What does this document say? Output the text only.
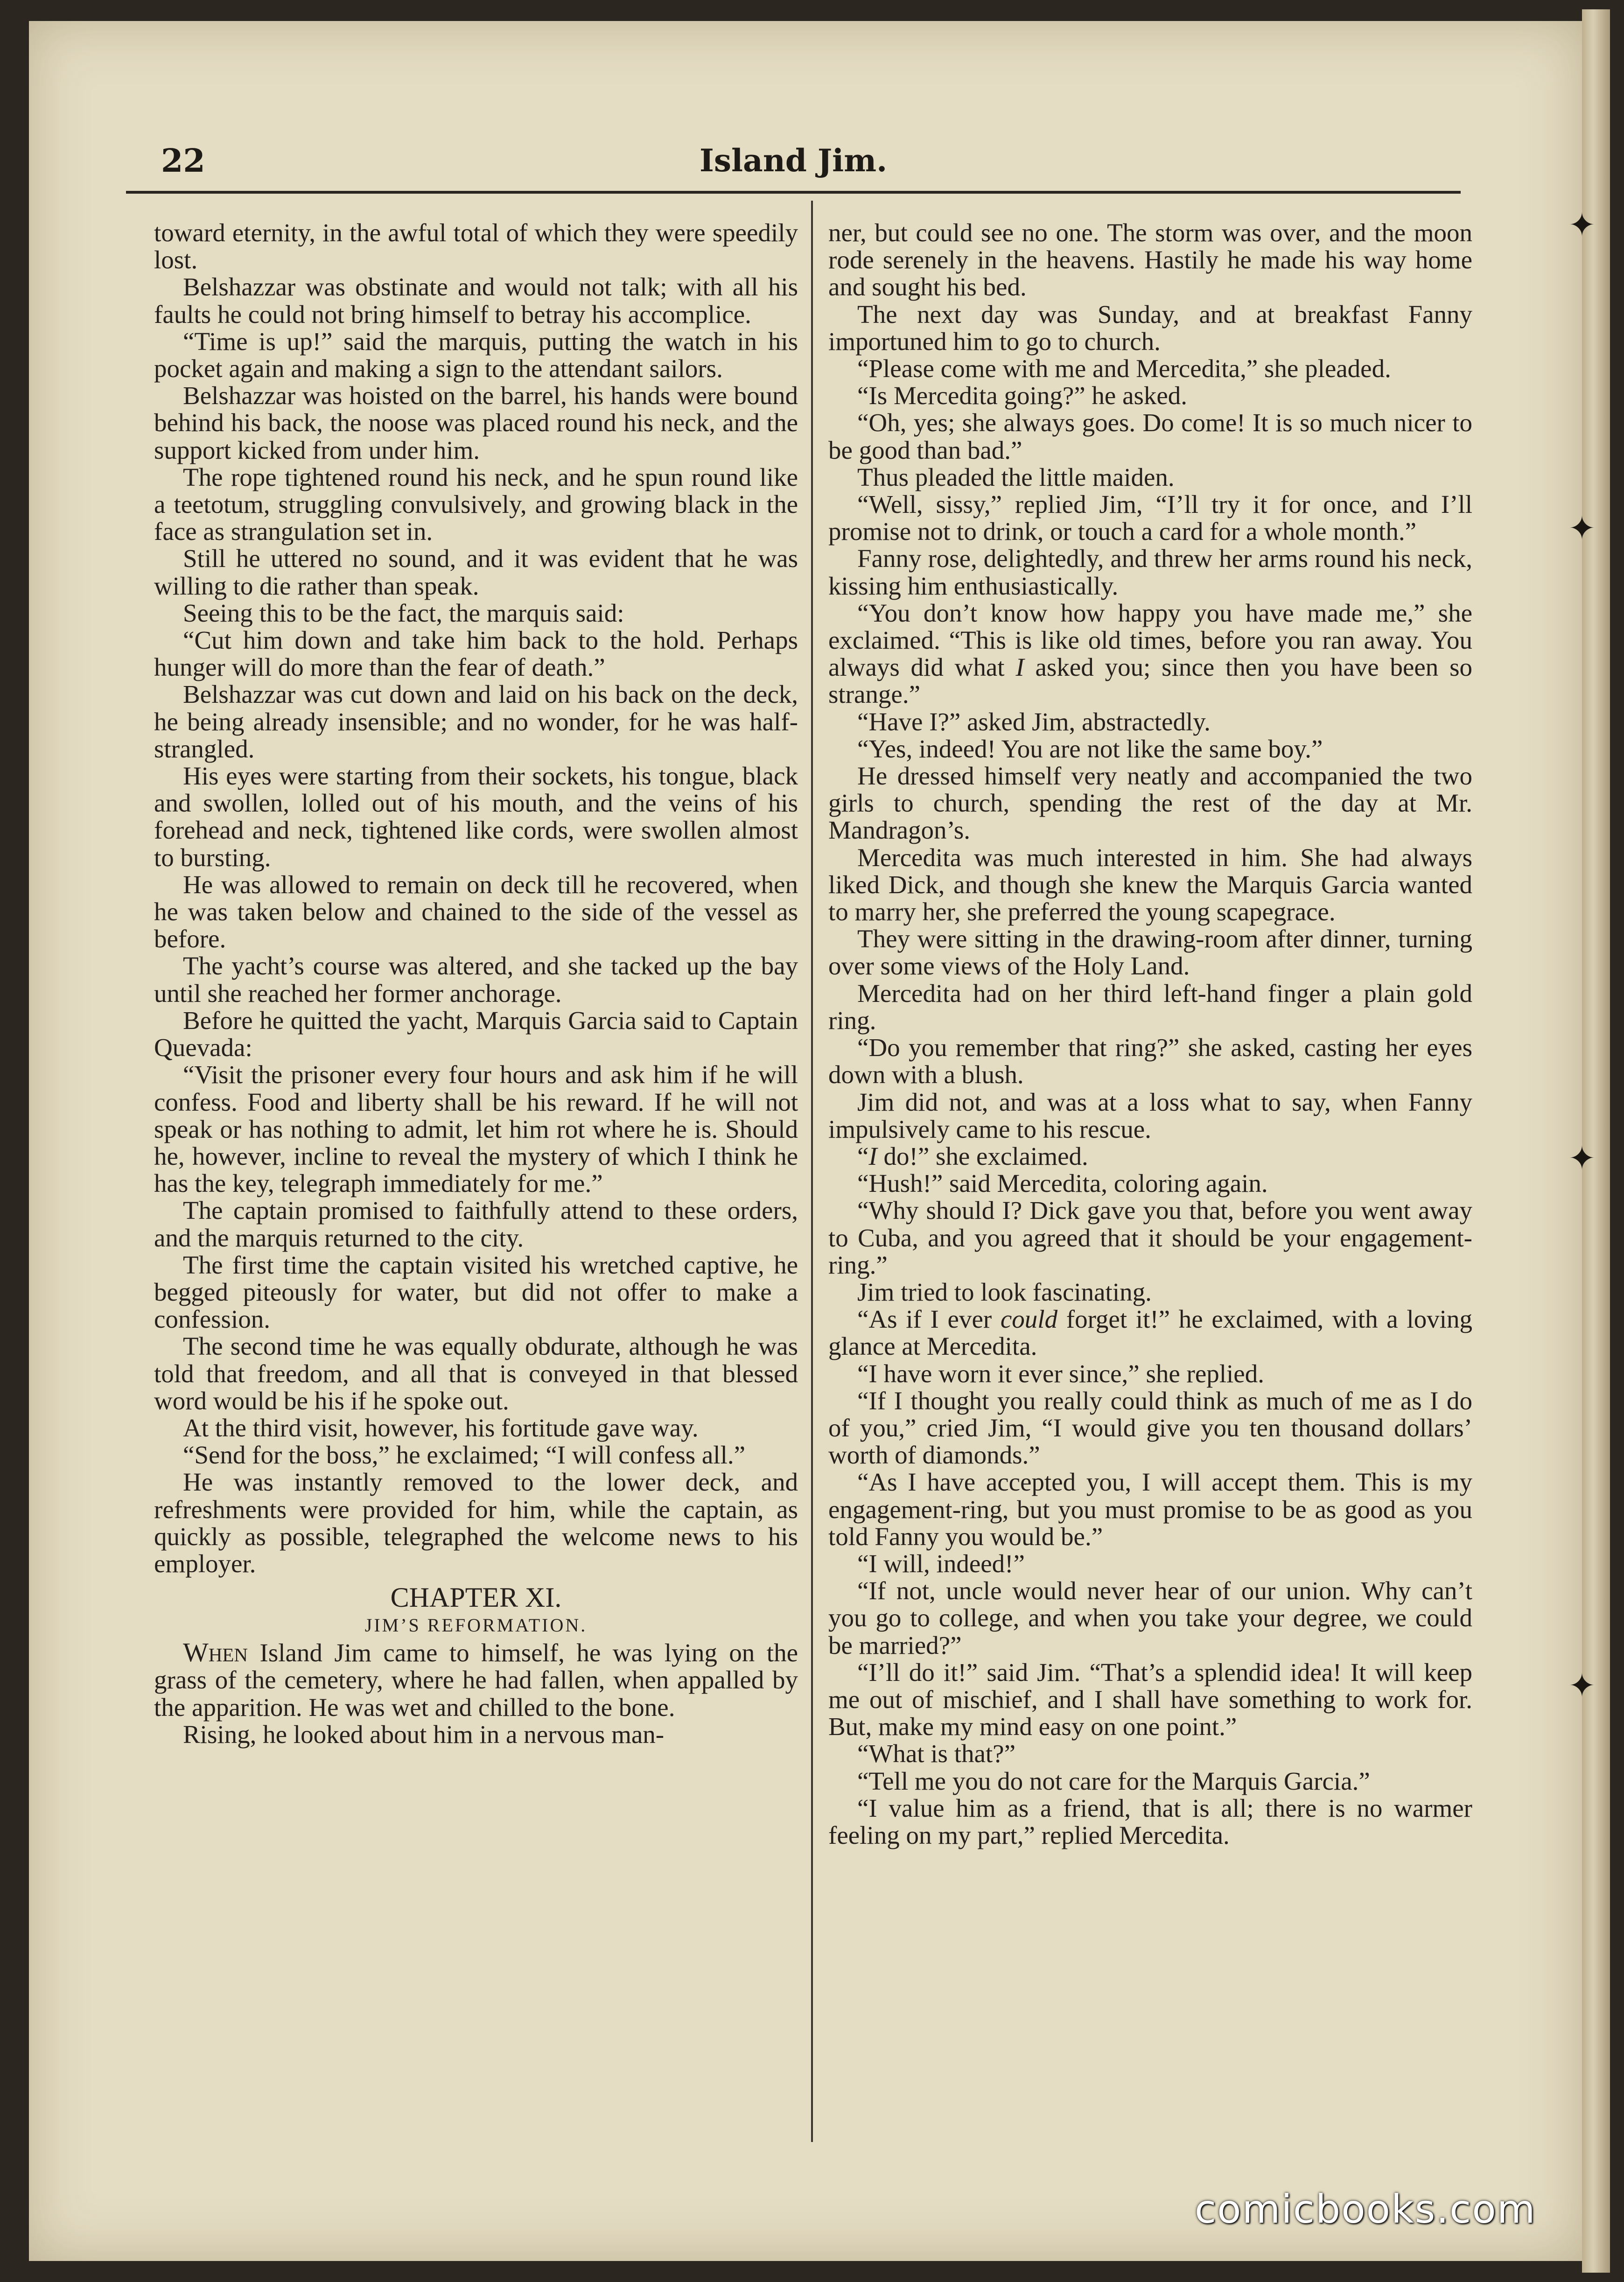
✦
✦
✦
✦
22	Island Jim.

toward eternity, in the awful total of which they were speedily lost.

Belshazzar was obstinate and would not talk; with all his faults he could not bring himself to betray his accomplice.

“Time is up!” said the marquis, putting the watch in his pocket again and making a sign to the attendant sailors.

Belshazzar was hoisted on the barrel, his hands were bound behind his back, the noose was placed round his neck, and the support kicked from under him.

The rope tightened round his neck, and he spun round like a teetotum, struggling convulsively, and growing black in the face as strangulation set in.

Still he uttered no sound, and it was evident that he was willing to die rather than speak.

Seeing this to be the fact, the marquis said:

“Cut him down and take him back to the hold. Perhaps hunger will do more than the fear of death.”

Belshazzar was cut down and laid on his back on the deck, he being already insensible; and no wonder, for he was half-strangled.

His eyes were starting from their sockets, his tongue, black and swollen, lolled out of his mouth, and the veins of his forehead and neck, tightened like cords, were swollen almost to bursting.

He was allowed to remain on deck till he recovered, when he was taken below and chained to the side of the vessel as before.

The yacht’s course was altered, and she tacked up the bay until she reached her former anchorage.

Before he quitted the yacht, Marquis Garcia said to Captain Quevada:

“Visit the prisoner every four hours and ask him if he will confess. Food and liberty shall be his reward. If he will not speak or has nothing to admit, let him rot where he is. Should he, however, incline to reveal the mystery of which I think he has the key, telegraph immediately for me.”

The captain promised to faithfully attend to these orders, and the marquis returned to the city.

The first time the captain visited his wretched captive, he begged piteously for water, but did not offer to make a confession.

The second time he was equally obdurate, although he was told that freedom, and all that is conveyed in that blessed word would be his if he spoke out.

At the third visit, however, his fortitude gave way.

“Send for the boss,” he exclaimed; “I will confess all.”

He was instantly removed to the lower deck, and refreshments were provided for him, while the captain, as quickly as possible, telegraphed the welcome news to his employer.

CHAPTER XI.
JIM’S REFORMATION.

When Island Jim came to himself, he was lying on the grass of the cemetery, where he had fallen, when appalled by the apparition. He was wet and chilled to the bone.

Rising, he looked about him in a nervous man-

ner, but could see no one. The storm was over, and the moon rode serenely in the heavens. Hastily he made his way home and sought his bed.

The next day was Sunday, and at breakfast Fanny importuned him to go to church.

“Please come with me and Mercedita,” she pleaded.

“Is Mercedita going?” he asked.

“Oh, yes; she always goes. Do come! It is so much nicer to be good than bad.”

Thus pleaded the little maiden.

“Well, sissy,” replied Jim, “I’ll try it for once, and I’ll promise not to drink, or touch a card for a whole month.”

Fanny rose, delightedly, and threw her arms round his neck, kissing him enthusiastically.

“You don’t know how happy you have made me,” she exclaimed. “This is like old times, before you ran away. You always did what I asked you; since then you have been so strange.”

“Have I?” asked Jim, abstractedly.

“Yes, indeed! You are not like the same boy.”

He dressed himself very neatly and accompanied the two girls to church, spending the rest of the day at Mr. Mandragon’s.

Mercedita was much interested in him. She had always liked Dick, and though she knew the Marquis Garcia wanted to marry her, she preferred the young scapegrace.

They were sitting in the drawing-room after dinner, turning over some views of the Holy Land.

Mercedita had on her third left-hand finger a plain gold ring.

“Do you remember that ring?” she asked, casting her eyes down with a blush.

Jim did not, and was at a loss what to say, when Fanny impulsively came to his rescue.

“I do!” she exclaimed.

“Hush!” said Mercedita, coloring again.

“Why should I? Dick gave you that, before you went away to Cuba, and you agreed that it should be your engagement-ring.”

Jim tried to look fascinating.

“As if I ever could forget it!” he exclaimed, with a loving glance at Mercedita.

“I have worn it ever since,” she replied.

“If I thought you really could think as much of me as I do of you,” cried Jim, “I would give you ten thousand dollars’ worth of diamonds.”

“As I have accepted you, I will accept them. This is my engagement-ring, but you must promise to be as good as you told Fanny you would be.”

“I will, indeed!”

“If not, uncle would never hear of our union. Why can’t you go to college, and when you take your degree, we could be married?”

“I’ll do it!” said Jim. “That’s a splendid idea! It will keep me out of mischief, and I shall have something to work for. But, make my mind easy on one point.”

“What is that?”

“Tell me you do not care for the Marquis Garcia.”

“I value him as a friend, that is all; there is no warmer feeling on my part,” replied Mercedita.

comicbooks.com
